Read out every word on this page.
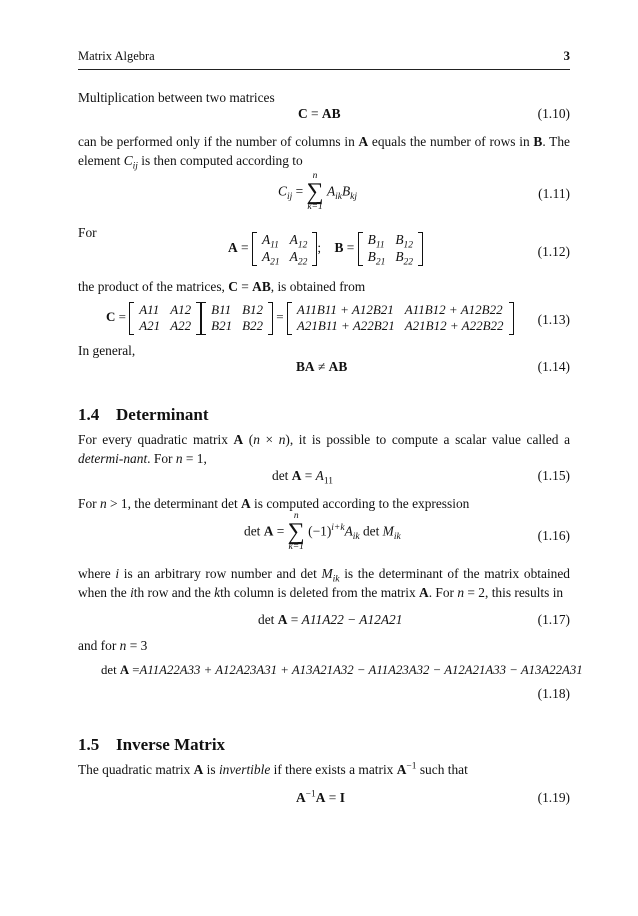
Matrix Algebra	3
Multiplication between two matrices
C = AB	(1.10)
can be performed only if the number of columns in A equals the number of rows in B. The element $C_{ij}$ is then computed according to
$C_{ij}$ =
n
∑
k=1
$A_{ik}B_{kj}$	(1.11)
For
A =
$A_{11}$	$A_{12}$
$A_{21}$	$A_{22}$
; B =
$B_{11}$	$B_{12}$
$B_{21}$	$B_{22}$
(1.12)
the product of the matrices, C = AB, is obtained from
C = A11	A12
A21	A22
B11	B12
B21	B22
= A11B11 + A12B21	A11B12 + A12B22
A21B11 + A22B21	A21B12 + A22B22	(1.13)
In general,
BA ≠ AB	(1.14)
1.4 Determinant
For every quadratic matrix A (n × n), it is possible to compute a scalar value called a determi-nant. For n = 1,
$\det A = A_{11}$	(1.15)
For n > 1, the determinant det A is computed according to the expression
det A =
n
∑
k=1
$(-1)^{i+k}A_{ik}$ $\det M_{ik}$	(1.16)
where i is an arbitrary row number and $\det M_{ik}$ is the determinant of the matrix obtained when the ith row and the kth column is deleted from the matrix A. For n = 2, this results in
det A = A11A22 − A12A21	(1.17)
and for n = 3
det A =A11A22A33 + A12A23A31 + A13A21A32 − A11A23A32 − A12A21A33 − A13A22A31
(1.18)
1.5 Inverse Matrix
The quadratic matrix A is invertible if there exists a matrix $A^{-1}$ such that
$A^{-1}A = I$	(1.19)
